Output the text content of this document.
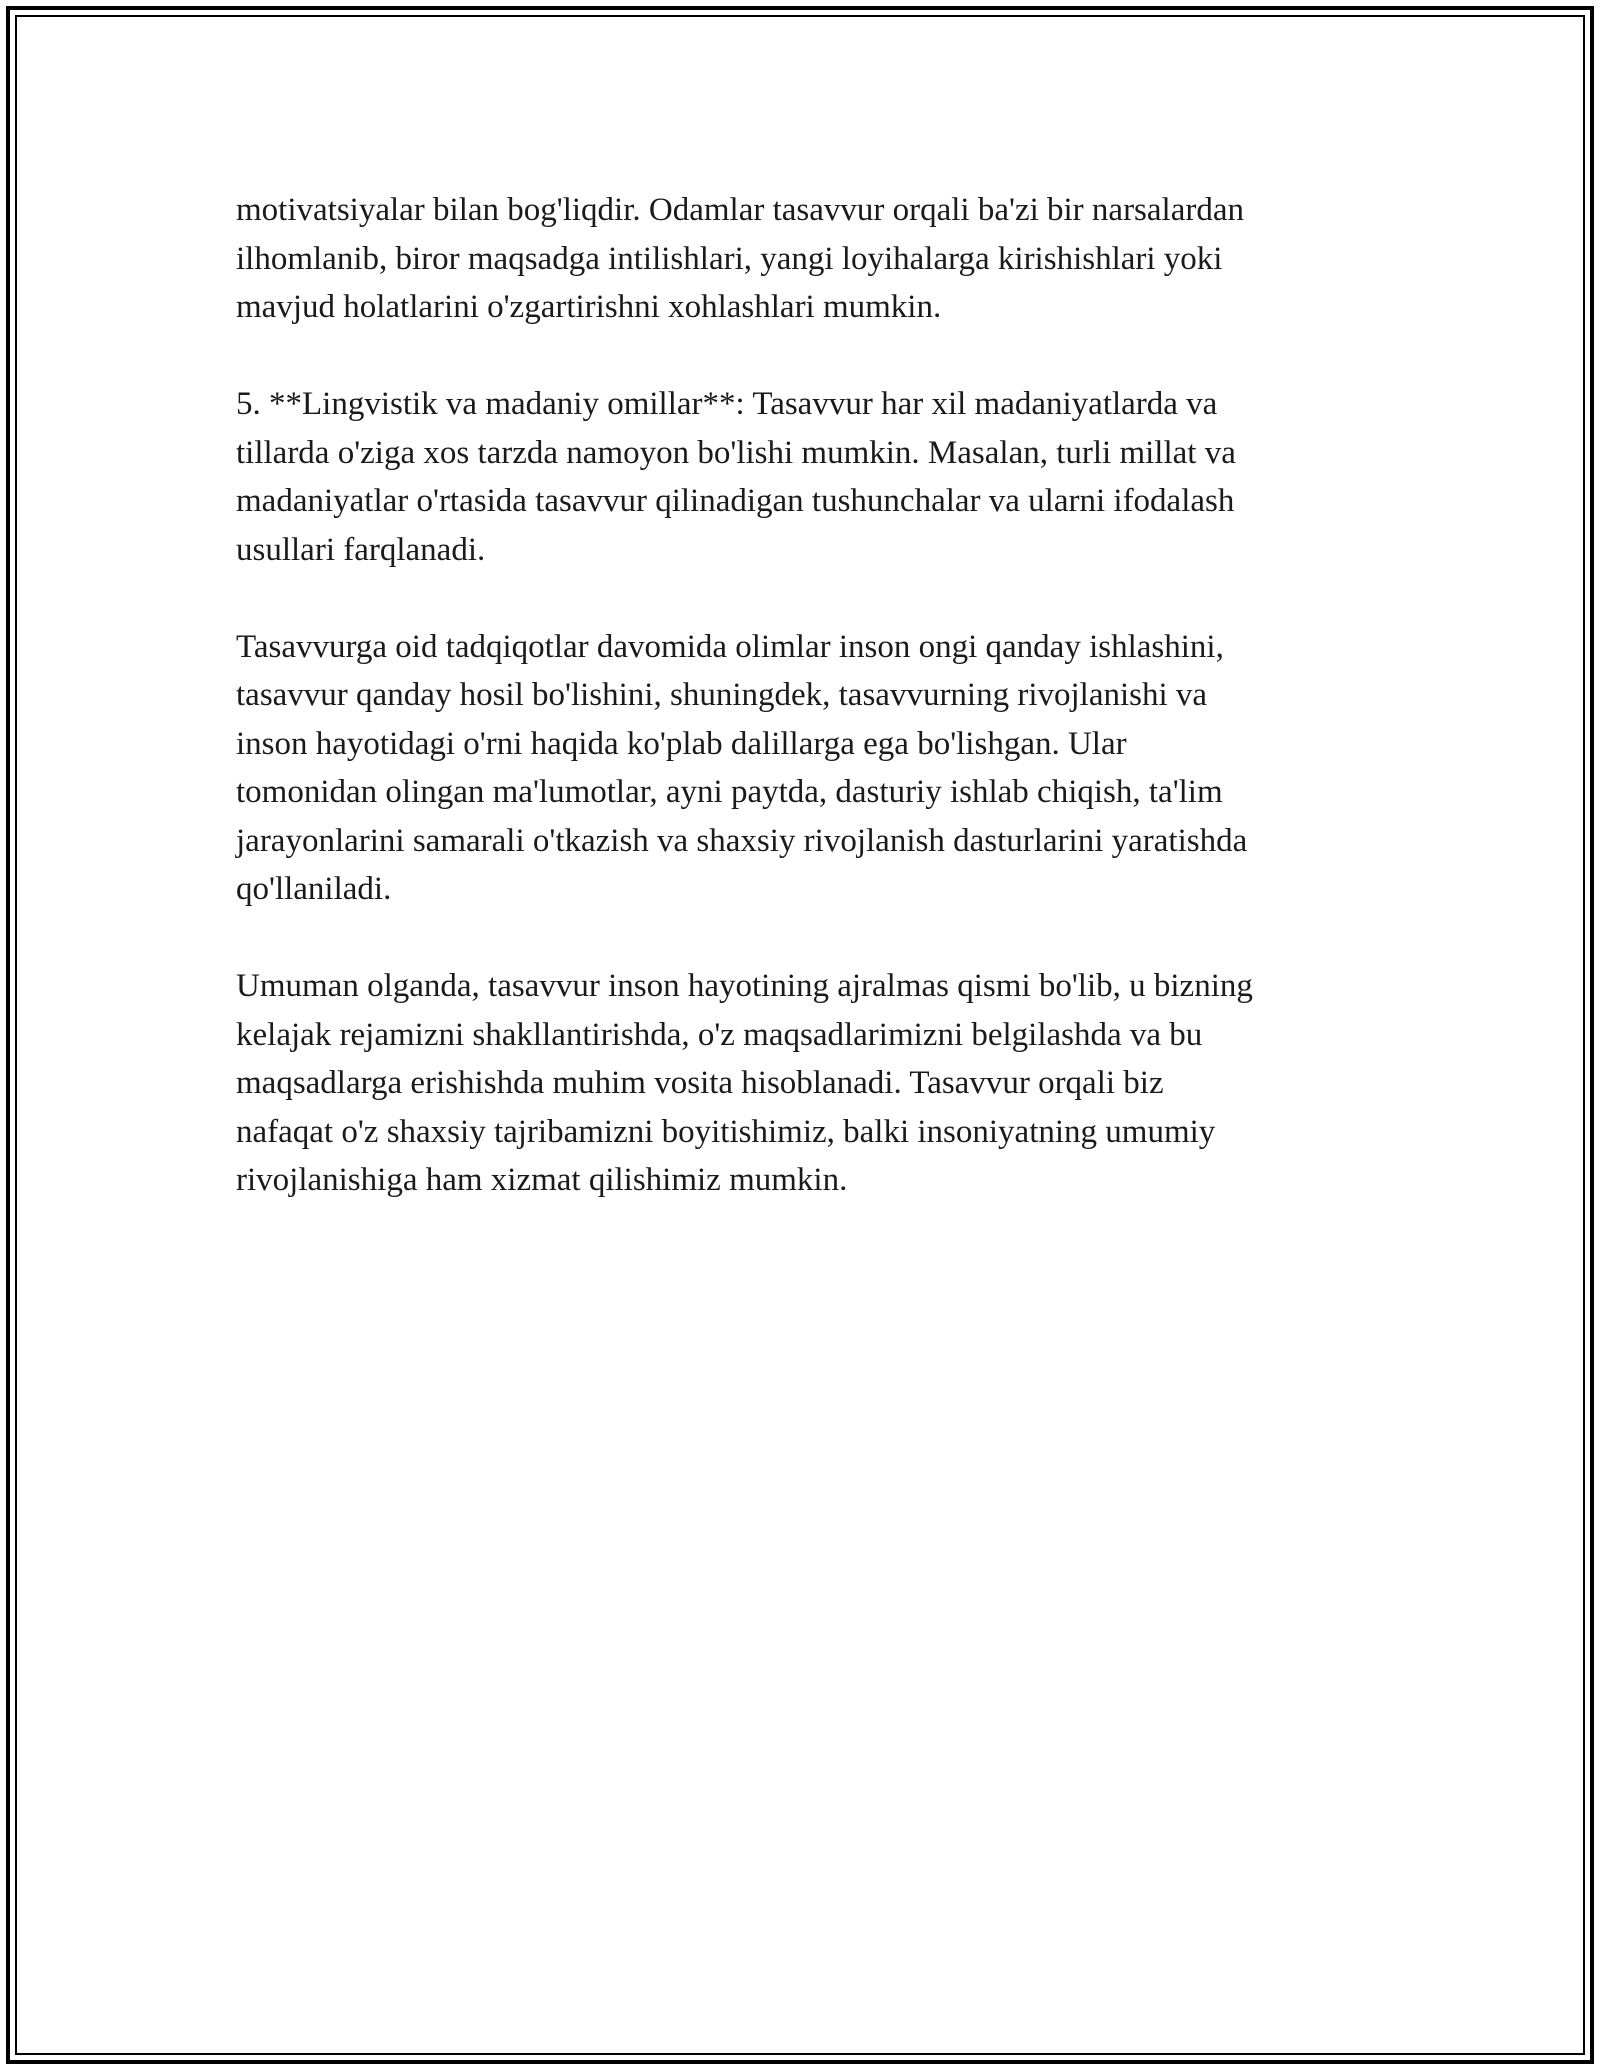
motivatsiyalar bilan bog'liqdir. Odamlar tasavvur orqali ba'zi bir narsalardan
ilhomlanib, biror maqsadga intilishlari, yangi loyihalarga kirishishlari yoki
mavjud holatlarini o'zgartirishni xohlashlari mumkin.

5. **Lingvistik va madaniy omillar**: Tasavvur har xil madaniyatlarda va
tillarda o'ziga xos tarzda namoyon bo'lishi mumkin. Masalan, turli millat va
madaniyatlar o'rtasida tasavvur qilinadigan tushunchalar va ularni ifodalash
usullari farqlanadi.

Tasavvurga oid tadqiqotlar davomida olimlar inson ongi qanday ishlashini,
tasavvur qanday hosil bo'lishini, shuningdek, tasavvurning rivojlanishi va
inson hayotidagi o'rni haqida ko'plab dalillarga ega bo'lishgan. Ular
tomonidan olingan ma'lumotlar, ayni paytda, dasturiy ishlab chiqish, ta'lim
jarayonlarini samarali o'tkazish va shaxsiy rivojlanish dasturlarini yaratishda
qo'llaniladi.

Umuman olganda, tasavvur inson hayotining ajralmas qismi bo'lib, u bizning
kelajak rejamizni shakllantirishda, o'z maqsadlarimizni belgilashda va bu
maqsadlarga erishishda muhim vosita hisoblanadi. Tasavvur orqali biz
nafaqat o'z shaxsiy tajribamizni boyitishimiz, balki insoniyatning umumiy
rivojlanishiga ham xizmat qilishimiz mumkin.
